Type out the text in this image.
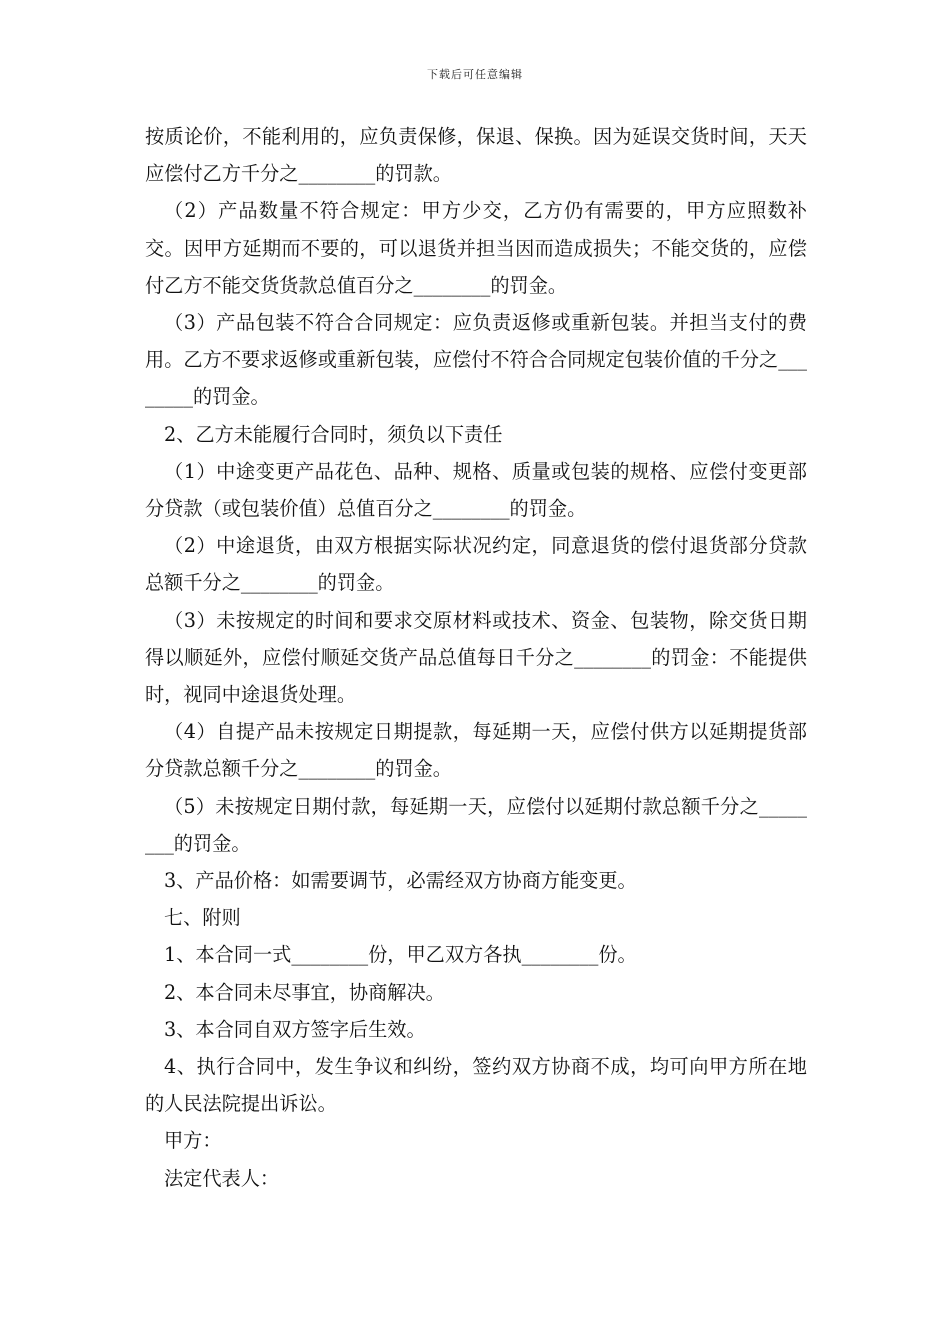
下载后可任意编辑

按质论价，不能利用的，应负责保修，保退、保换。因为延误交货时间，天天应偿付乙方千分之________的罚款。

（2）产品数量不符合规定：甲方少交，乙方仍有需要的，甲方应照数补交。因甲方延期而不要的，可以退货并担当因而造成损失；不能交货的，应偿付乙方不能交货货款总值百分之________的罚金。

（3）产品包装不符合合同规定：应负责返修或重新包装。并担当支付的费用。乙方不要求返修或重新包装，应偿付不符合合同规定包装价值的千分之________的罚金。

2、乙方未能履行合同时，须负以下责任

（1）中途变更产品花色、品种、规格、质量或包装的规格、应偿付变更部分贷款（或包装价值）总值百分之________的罚金。

（2）中途退货，由双方根据实际状况约定，同意退货的偿付退货部分贷款总额千分之________的罚金。

（3）未按规定的时间和要求交原材料或技术、资金、包装物，除交货日期得以顺延外，应偿付顺延交货产品总值每日千分之________的罚金：不能提供时，视同中途退货处理。

（4）自提产品未按规定日期提款，每延期一天，应偿付供方以延期提货部分贷款总额千分之________的罚金。

（5）未按规定日期付款，每延期一天，应偿付以延期付款总额千分之________的罚金。

3、产品价格：如需要调节，必需经双方协商方能变更。

七、附则

1、本合同一式________份，甲乙双方各执________份。

2、本合同未尽事宜，协商解决。

3、本合同自双方签字后生效。

4、执行合同中，发生争议和纠纷，签约双方协商不成，均可向甲方所在地的人民法院提出诉讼。

甲方：

法定代表人：
